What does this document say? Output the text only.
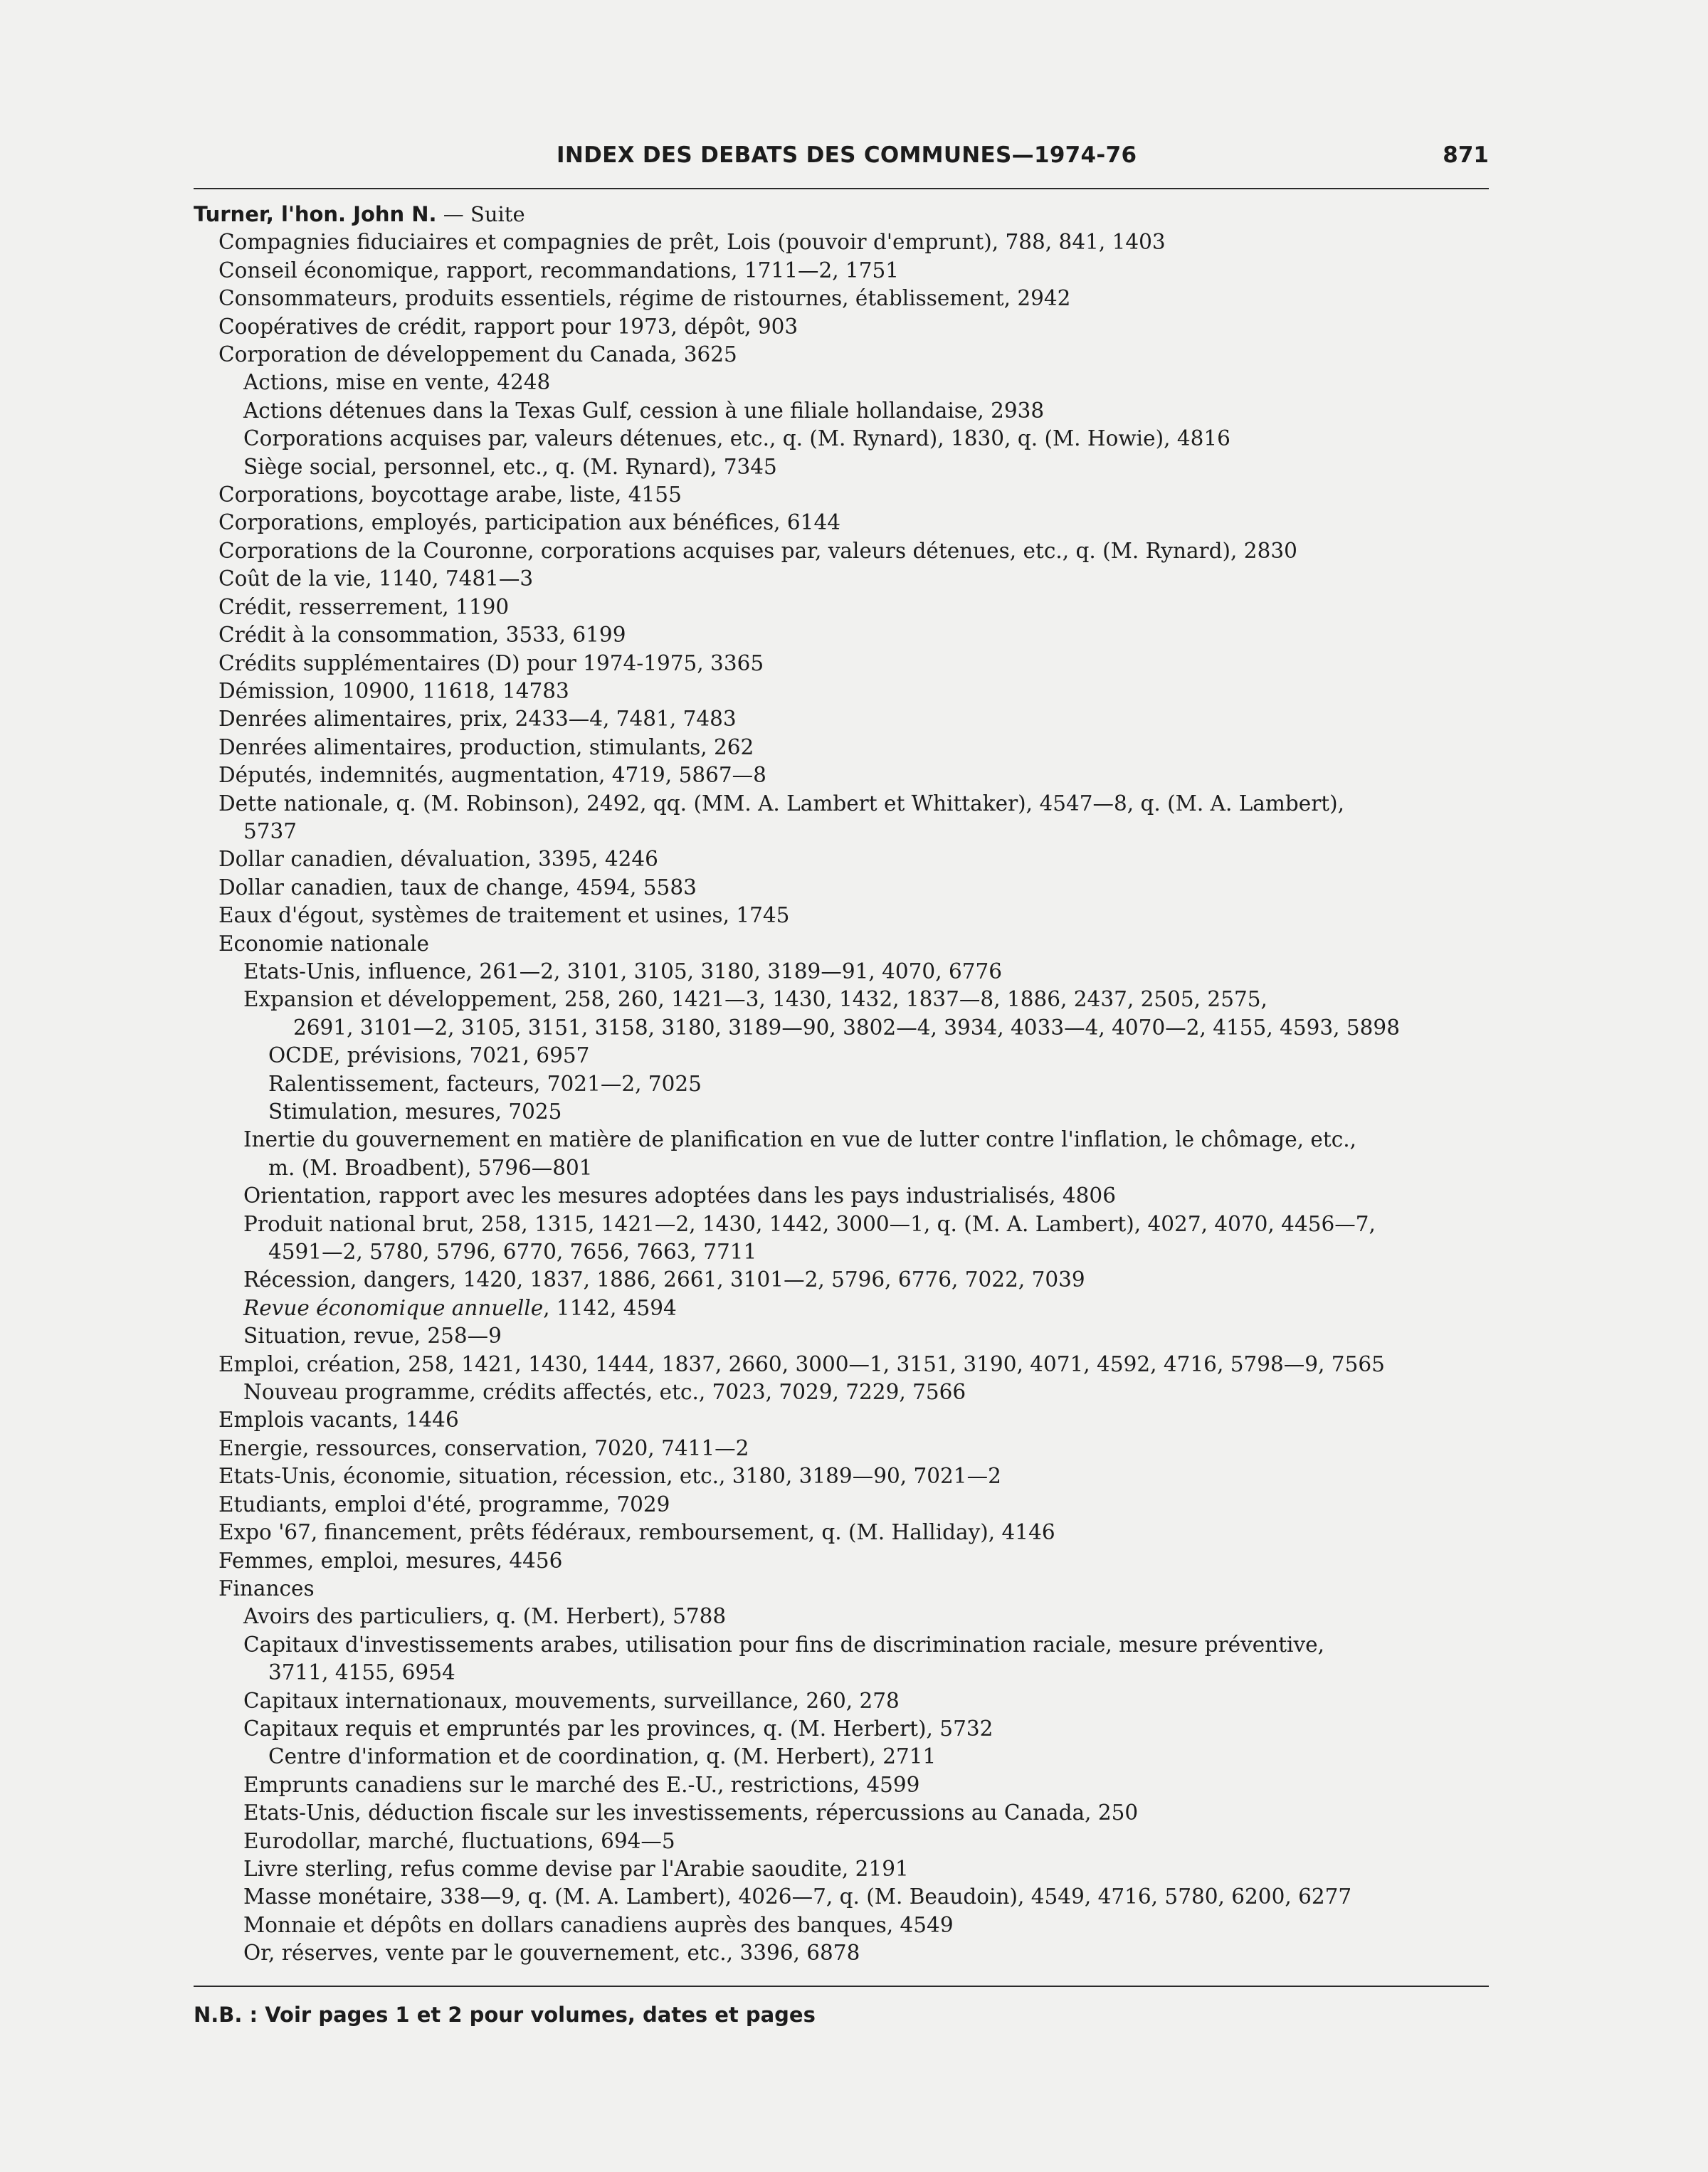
INDEX DES DEBATS DES COMMUNES—1974-76	871
Turner, l'hon. John N. — Suite
Compagnies fiduciaires et compagnies de prêt, Lois (pouvoir d'emprunt), 788, 841, 1403
Conseil économique, rapport, recommandations, 1711—2, 1751
Consommateurs, produits essentiels, régime de ristournes, établissement, 2942
Coopératives de crédit, rapport pour 1973, dépôt, 903
Corporation de développement du Canada, 3625
Actions, mise en vente, 4248
Actions détenues dans la Texas Gulf, cession à une filiale hollandaise, 2938
Corporations acquises par, valeurs détenues, etc., q. (M. Rynard), 1830, q. (M. Howie), 4816
Siège social, personnel, etc., q. (M. Rynard), 7345
Corporations, boycottage arabe, liste, 4155
Corporations, employés, participation aux bénéfices, 6144
Corporations de la Couronne, corporations acquises par, valeurs détenues, etc., q. (M. Rynard), 2830
Coût de la vie, 1140, 7481—3
Crédit, resserrement, 1190
Crédit à la consommation, 3533, 6199
Crédits supplémentaires (D) pour 1974-1975, 3365
Démission, 10900, 11618, 14783
Denrées alimentaires, prix, 2433—4, 7481, 7483
Denrées alimentaires, production, stimulants, 262
Députés, indemnités, augmentation, 4719, 5867—8
Dette nationale, q. (M. Robinson), 2492, qq. (MM. A. Lambert et Whittaker), 4547—8, q. (M. A. Lambert),
5737
Dollar canadien, dévaluation, 3395, 4246
Dollar canadien, taux de change, 4594, 5583
Eaux d'égout, systèmes de traitement et usines, 1745
Economie nationale
Etats-Unis, influence, 261—2, 3101, 3105, 3180, 3189—91, 4070, 6776
Expansion et développement, 258, 260, 1421—3, 1430, 1432, 1837—8, 1886, 2437, 2505, 2575,
2691, 3101—2, 3105, 3151, 3158, 3180, 3189—90, 3802—4, 3934, 4033—4, 4070—2, 4155, 4593, 5898
OCDE, prévisions, 7021, 6957
Ralentissement, facteurs, 7021—2, 7025
Stimulation, mesures, 7025
Inertie du gouvernement en matière de planification en vue de lutter contre l'inflation, le chômage, etc.,
m. (M. Broadbent), 5796—801
Orientation, rapport avec les mesures adoptées dans les pays industrialisés, 4806
Produit national brut, 258, 1315, 1421—2, 1430, 1442, 3000—1, q. (M. A. Lambert), 4027, 4070, 4456—7,
4591—2, 5780, 5796, 6770, 7656, 7663, 7711
Récession, dangers, 1420, 1837, 1886, 2661, 3101—2, 5796, 6776, 7022, 7039
Revue économique annuelle, 1142, 4594
Situation, revue, 258—9
Emploi, création, 258, 1421, 1430, 1444, 1837, 2660, 3000—1, 3151, 3190, 4071, 4592, 4716, 5798—9, 7565
Nouveau programme, crédits affectés, etc., 7023, 7029, 7229, 7566
Emplois vacants, 1446
Energie, ressources, conservation, 7020, 7411—2
Etats-Unis, économie, situation, récession, etc., 3180, 3189—90, 7021—2
Etudiants, emploi d'été, programme, 7029
Expo '67, financement, prêts fédéraux, remboursement, q. (M. Halliday), 4146
Femmes, emploi, mesures, 4456
Finances
Avoirs des particuliers, q. (M. Herbert), 5788
Capitaux d'investissements arabes, utilisation pour fins de discrimination raciale, mesure préventive,
3711, 4155, 6954
Capitaux internationaux, mouvements, surveillance, 260, 278
Capitaux requis et empruntés par les provinces, q. (M. Herbert), 5732
Centre d'information et de coordination, q. (M. Herbert), 2711
Emprunts canadiens sur le marché des E.-U., restrictions, 4599
Etats-Unis, déduction fiscale sur les investissements, répercussions au Canada, 250
Eurodollar, marché, fluctuations, 694—5
Livre sterling, refus comme devise par l'Arabie saoudite, 2191
Masse monétaire, 338—9, q. (M. A. Lambert), 4026—7, q. (M. Beaudoin), 4549, 4716, 5780, 6200, 6277
Monnaie et dépôts en dollars canadiens auprès des banques, 4549
Or, réserves, vente par le gouvernement, etc., 3396, 6878
N.B. : Voir pages 1 et 2 pour volumes, dates et pages
